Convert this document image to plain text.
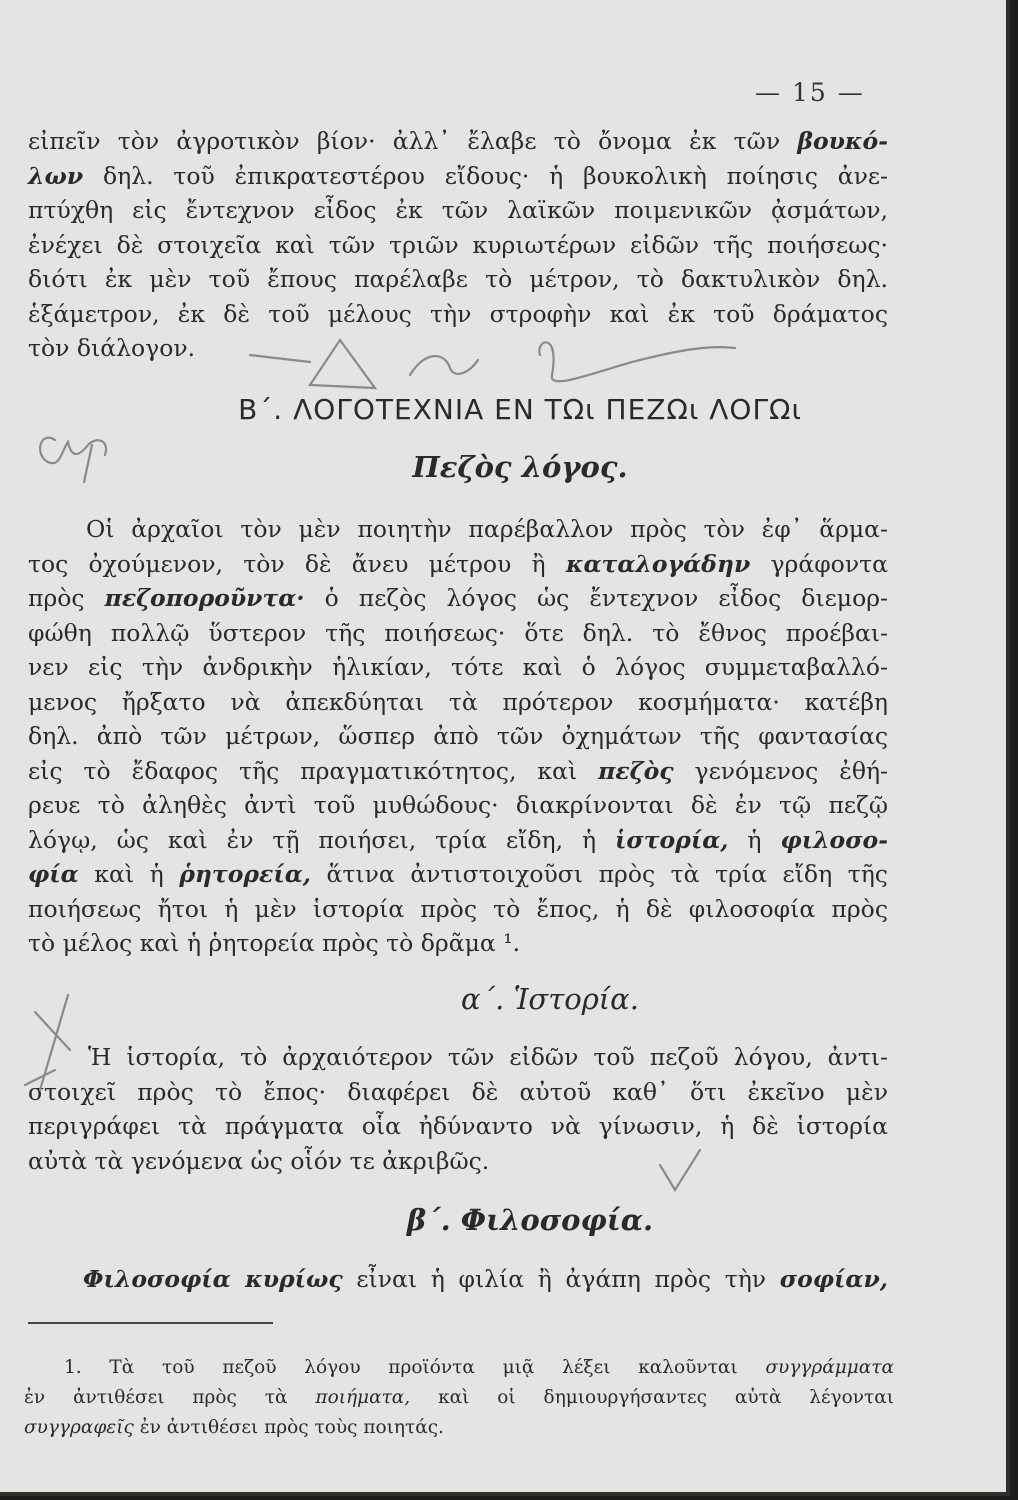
— 15 —
εἰπεῖν τὸν ἀγροτικὸν βίον· ἀλλ᾽ ἔλαβε τὸ ὄνομα ἐκ τῶν βουκό-
λων δηλ. τοῦ ἐπικρατεστέρου εἴδους· ἡ βουκολικὴ ποίησις ἀνε-
πτύχθη εἰς ἔντεχνον εἶδος ἐκ τῶν λαϊκῶν ποιμενικῶν ᾀσμάτων,
ἐνέχει δὲ στοιχεῖα καὶ τῶν τριῶν κυριωτέρων εἰδῶν τῆς ποιήσεως·
διότι ἐκ μὲν τοῦ ἔπους παρέλαβε τὸ μέτρον, τὸ δακτυλικὸν δηλ.
ἑξάμετρον, ἐκ δὲ τοῦ μέλους τὴν στροφὴν καὶ ἐκ τοῦ δράματος
τὸν διάλογον.
Β΄. ΛΟΓΟΤΕΧΝΙΑ ΕΝ ΤΩι ΠΕΖΩι ΛΟΓΩι
Πεζὸς λόγος.
Οἱ ἀρχαῖοι τὸν μὲν ποιητὴν παρέβαλλον πρὸς τὸν ἐφ᾽ ἅρμα-
τος ὀχούμενον, τὸν δὲ ἄνευ μέτρου ἢ καταλογάδην γράφοντα
πρὸς πεζοποροῦντα· ὁ πεζὸς λόγος ὡς ἔντεχνον εἶδος διεμορ-
φώθη πολλῷ ὕστερον τῆς ποιήσεως· ὅτε δηλ. τὸ ἔθνος προέβαι-
νεν εἰς τὴν ἀνδρικὴν ἡλικίαν, τότε καὶ ὁ λόγος συμμεταβαλλό-
μενος ἤρξατο νὰ ἀπεκδύηται τὰ πρότερον κοσμήματα· κατέβη
δηλ. ἀπὸ τῶν μέτρων, ὥσπερ ἀπὸ τῶν ὀχημάτων τῆς φαντασίας
εἰς τὸ ἔδαφος τῆς πραγματικότητος, καὶ πεζὸς γενόμενος ἐθή-
ρευε τὸ ἀληθὲς ἀντὶ τοῦ μυθώδους· διακρίνονται δὲ ἐν τῷ πεζῷ
λόγῳ, ὡς καὶ ἐν τῇ ποιήσει, τρία εἴδη, ἡ ἱστορία, ἡ φιλοσο-
φία καὶ ἡ ῥητορεία, ἅτινα ἀντιστοιχοῦσι πρὸς τὰ τρία εἴδη τῆς
ποιήσεως ἤτοι ἡ μὲν ἱστορία πρὸς τὸ ἔπος, ἡ δὲ φιλοσοφία πρὸς
τὸ μέλος καὶ ἡ ῥητορεία πρὸς τὸ δρᾶμα ¹.
α΄. Ἱστορία.
Ἡ ἱστορία, τὸ ἀρχαιότερον τῶν εἰδῶν τοῦ πεζοῦ λόγου, ἀντι-
στοιχεῖ πρὸς τὸ ἔπος· διαφέρει δὲ αὐτοῦ καθ᾽ ὅτι ἐκεῖνο μὲν
περιγράφει τὰ πράγματα οἷα ἠδύναντο νὰ γίνωσιν, ἡ δὲ ἱστορία
αὐτὰ τὰ γενόμενα ὡς οἷόν τε ἀκριβῶς.
β΄. Φιλοσοφία.
Φιλοσοφία κυρίως εἶναι ἡ φιλία ἢ ἀγάπη πρὸς τὴν σοφίαν,
1. Τὰ τοῦ πεζοῦ λόγου προϊόντα μιᾷ λέξει καλοῦνται συγγράμματα
ἐν ἀντιθέσει πρὸς τὰ ποιήματα, καὶ οἱ δημιουργήσαντες αὐτὰ λέγονται
συγγραφεῖς ἐν ἀντιθέσει πρὸς τοὺς ποιητάς.
